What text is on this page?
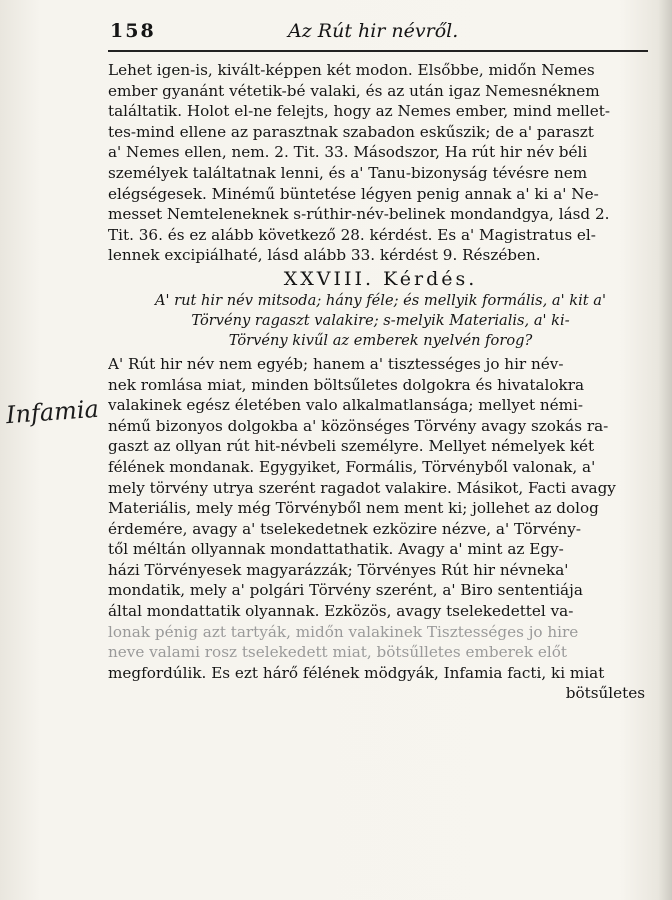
158	Az Rút hir névről.
Infamia
Lehet igen-is, kivált-képpen két modon. Elsőbbe, midőn Nemes
ember gyanánt vétetik-bé valaki, és az után igaz Nemesnéknem
találtatik. Holot el-ne felejts, hogy az Nemes ember, mind mellet-
tes-mind ellene az parasztnak szabadon eskűszik; de a' paraszt
a' Nemes ellen, nem. 2. Tit. 33. Másodszor, Ha rút hir név béli
személyek találtatnak lenni, és a' Tanu-bizonyság tévésre nem
elégségesek. Minémű büntetése légyen penig annak a' ki a' Ne-
messet Nemteleneknek s-rúthir-név-belinek mondandgya, lásd 2.
Tit. 36. és ez alább következő 28. kérdést. Es a' Magistratus el-
lennek excipiálhaté, lásd alább 33. kérdést 9. Részében.
XXVIII. Kérdés.
A' rut hir név mitsoda; hány féle; és mellyik formális, a' kit a'
Törvény ragaszt valakire; s-melyik Materialis, a' ki-
Törvény kivűl az emberek nyelvén forog?
A' Rút hir név nem egyéb; hanem a' tisztességes jo hir név-
nek romlása miat, minden böltsűletes dolgokra és hivatalokra
valakinek egész életében valo alkalmatlansága; mellyet némi-
némű bizonyos dolgokba a' közönséges Törvény avagy szokás ra-
gaszt az ollyan rút hit-névbeli személyre. Mellyet némelyek két
félének mondanak. Egygyiket, Formális, Törvényből valonak, a'
mely törvény utrya szerént ragadot valakire. Másikot, Facti avagy
Materiális, mely még Törvényből nem ment ki; jollehet az dolog
érdemére, avagy a' tselekedetnek ezközire nézve, a' Törvény-
től méltán ollyannak mondattathatik. Avagy a' mint az Egy-
házi Törvényesek magyarázzák; Törvényes Rút hir névneka'
mondatik, mely a' polgári Törvény szerént, a' Biro sententiája
által mondattatik olyannak. Ezközös, avagy tselekedettel va-
lonak pénig azt tartyák, midőn valakinek Tisztességes jo hire
neve valami rosz tselekedett miat, bötsűlletes emberek előt
megfordúlik. Es ezt hárő félének mödgyák, Infamia facti, ki miat
bötsűletes
